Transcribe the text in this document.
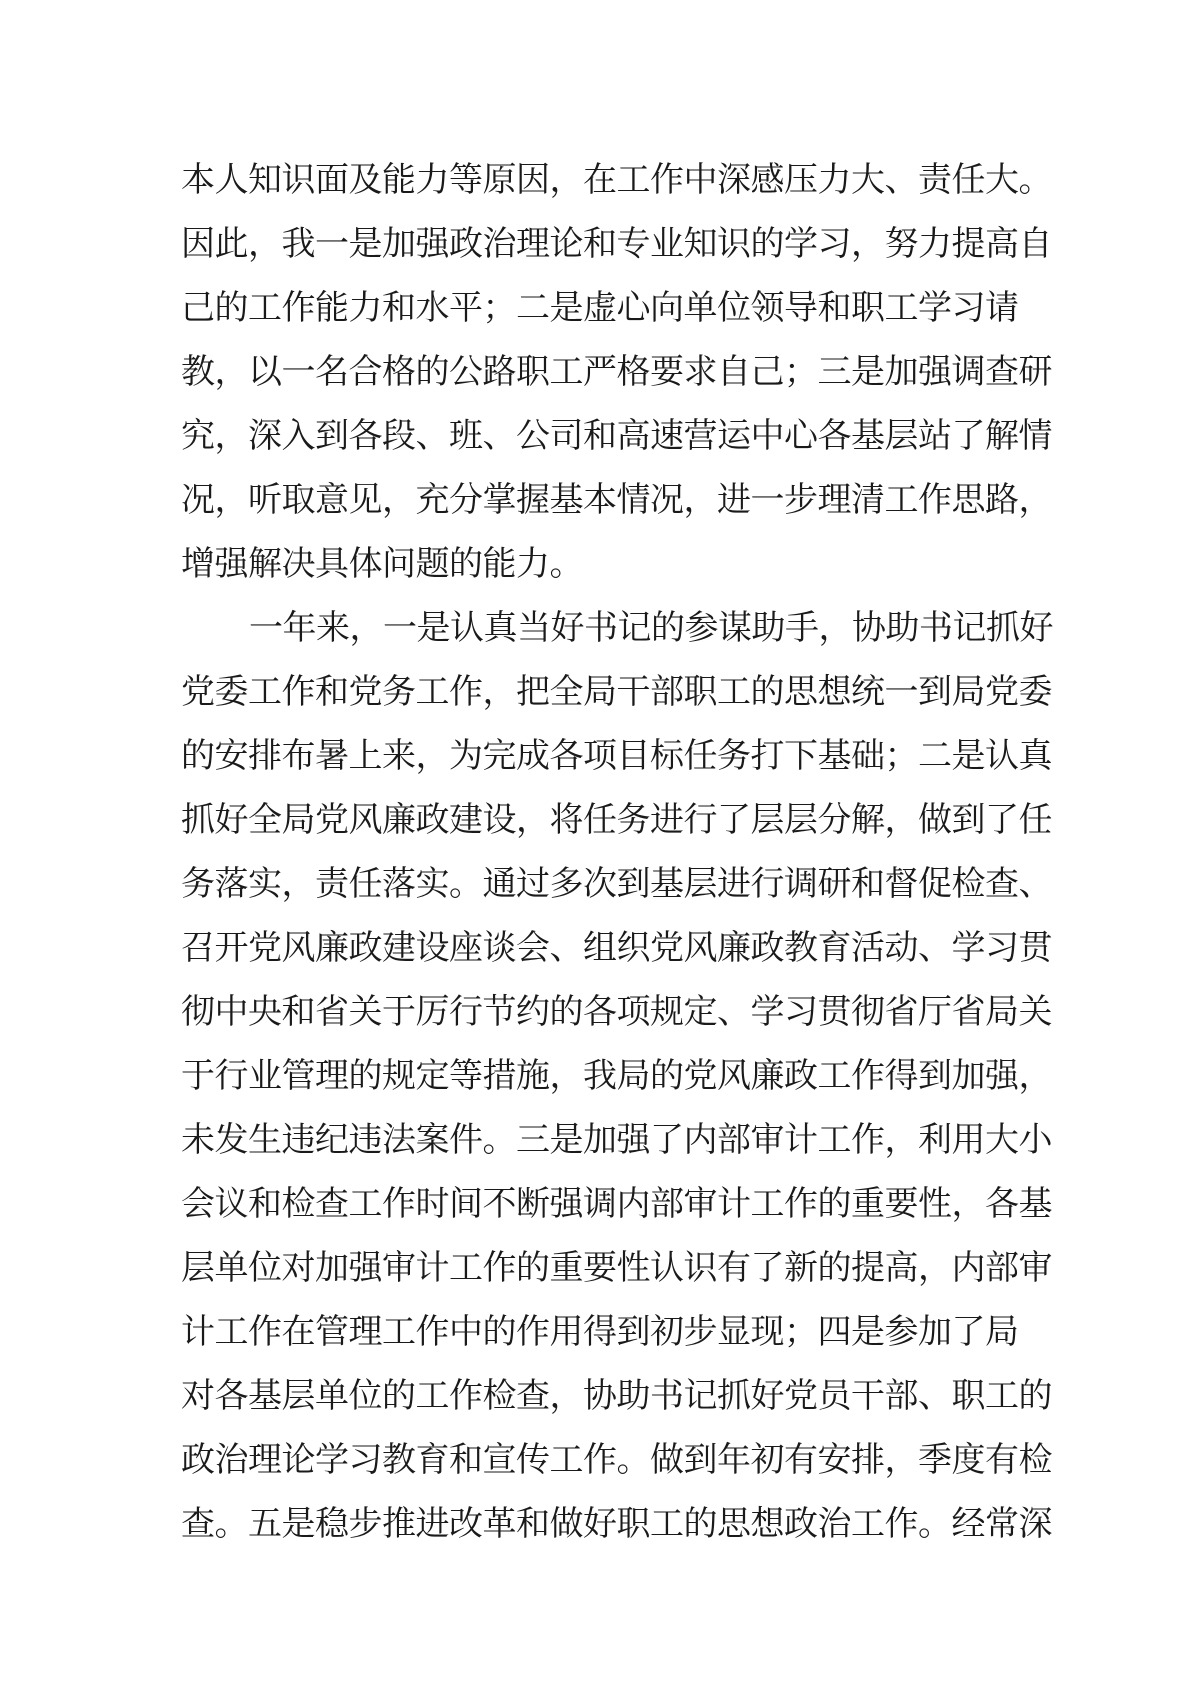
本人知识面及能力等原因，在工作中深感压力大、责任大。
因此，我一是加强政治理论和专业知识的学习，努力提高自
己的工作能力和水平；二是虚心向单位领导和职工学习请
教，以一名合格的公路职工严格要求自己；三是加强调查研
究，深入到各段、班、公司和高速营运中心各基层站了解情
况，听取意见，充分掌握基本情况，进一步理清工作思路，
增强解决具体问题的能力。
一年来，一是认真当好书记的参谋助手，协助书记抓好
党委工作和党务工作，把全局干部职工的思想统一到局党委
的安排布暑上来，为完成各项目标任务打下基础；二是认真
抓好全局党风廉政建设，将任务进行了层层分解，做到了任
务落实，责任落实。通过多次到基层进行调研和督促检查、
召开党风廉政建设座谈会、组织党风廉政教育活动、学习贯
彻中央和省关于厉行节约的各项规定、学习贯彻省厅省局关
于行业管理的规定等措施，我局的党风廉政工作得到加强，
未发生违纪违法案件。三是加强了内部审计工作，利用大小
会议和检查工作时间不断强调内部审计工作的重要性，各基
层单位对加强审计工作的重要性认识有了新的提高，内部审
计工作在管理工作中的作用得到初步显现；四是参加了局
对各基层单位的工作检查，协助书记抓好党员干部、职工的
政治理论学习教育和宣传工作。做到年初有安排，季度有检
查。五是稳步推进改革和做好职工的思想政治工作。经常深
